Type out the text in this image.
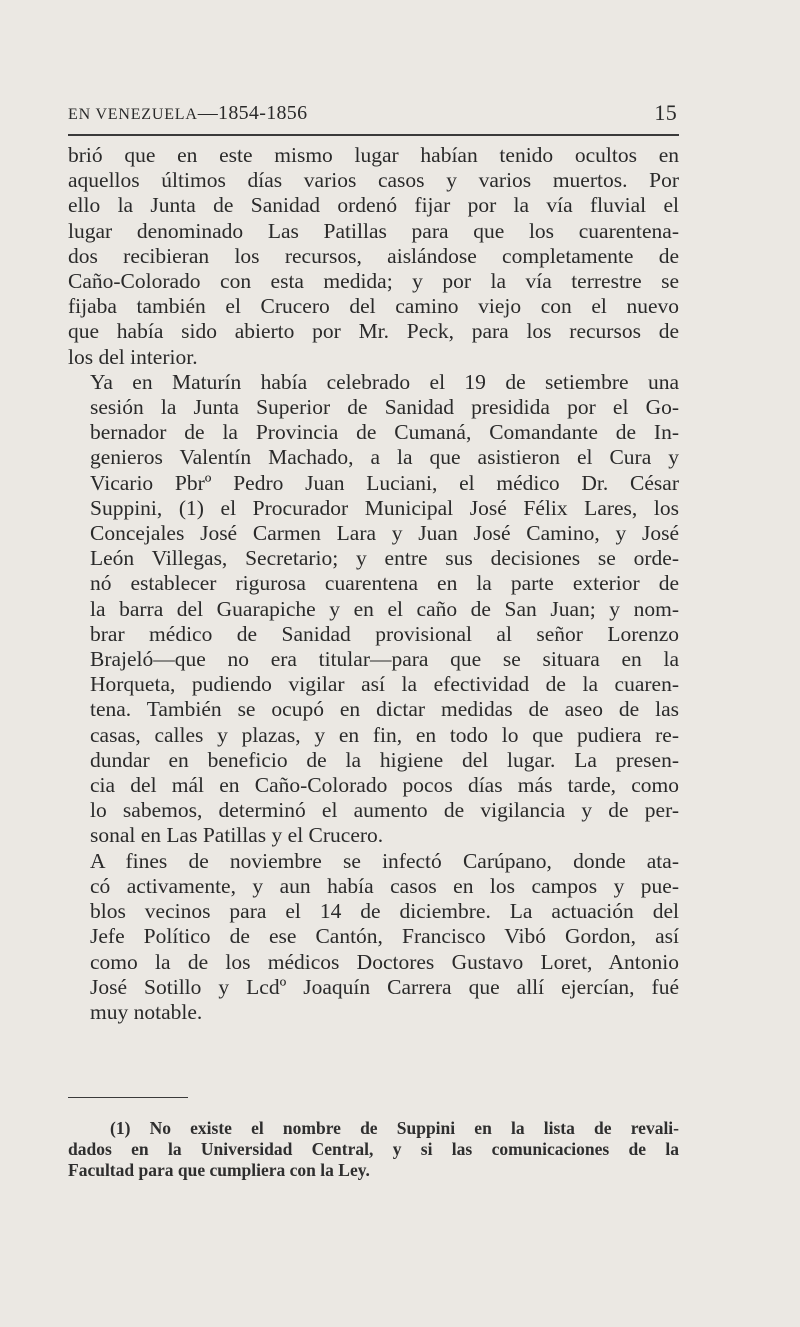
EN VENEZUELA—1854-1856	15

brió que en este mismo lugar habían tenido ocultos en
aquellos últimos días varios casos y varios muertos. Por
ello la Junta de Sanidad ordenó fijar por la vía fluvial el
lugar denominado Las Patillas para que los cuarentena-
dos recibieran los recursos, aislándose completamente de
Caño-Colorado con esta medida; y por la vía terrestre se
fijaba también el Crucero del camino viejo con el nuevo
que había sido abierto por Mr. Peck, para los recursos de
los del interior.

Ya en Maturín había celebrado el 19 de setiembre una
sesión la Junta Superior de Sanidad presidida por el Go-
bernador de la Provincia de Cumaná, Comandante de In-
genieros Valentín Machado, a la que asistieron el Cura y
Vicario Pbrº Pedro Juan Luciani, el médico Dr. César
Suppini, (1) el Procurador Municipal José Félix Lares, los
Concejales José Carmen Lara y Juan José Camino, y José
León Villegas, Secretario; y entre sus decisiones se orde-
nó establecer rigurosa cuarentena en la parte exterior de
la barra del Guarapiche y en el caño de San Juan; y nom-
brar médico de Sanidad provisional al señor Lorenzo
Brajeló—que no era titular—para que se situara en la
Horqueta, pudiendo vigilar así la efectividad de la cuaren-
tena. También se ocupó en dictar medidas de aseo de las
casas, calles y plazas, y en fin, en todo lo que pudiera re-
dundar en beneficio de la higiene del lugar. La presen-
cia del mál en Caño-Colorado pocos días más tarde, como
lo sabemos, determinó el aumento de vigilancia y de per-
sonal en Las Patillas y el Crucero.

A fines de noviembre se infectó Carúpano, donde ata-
có activamente, y aun había casos en los campos y pue-
blos vecinos para el 14 de diciembre. La actuación del
Jefe Político de ese Cantón, Francisco Vibó Gordon, así
como la de los médicos Doctores Gustavo Loret, Antonio
José Sotillo y Lcdº Joaquín Carrera que allí ejercían, fué
muy notable.

(1) No existe el nombre de Suppini en la lista de revali-
dados en la Universidad Central, y si las comunicaciones de la
Facultad para que cumpliera con la Ley.
